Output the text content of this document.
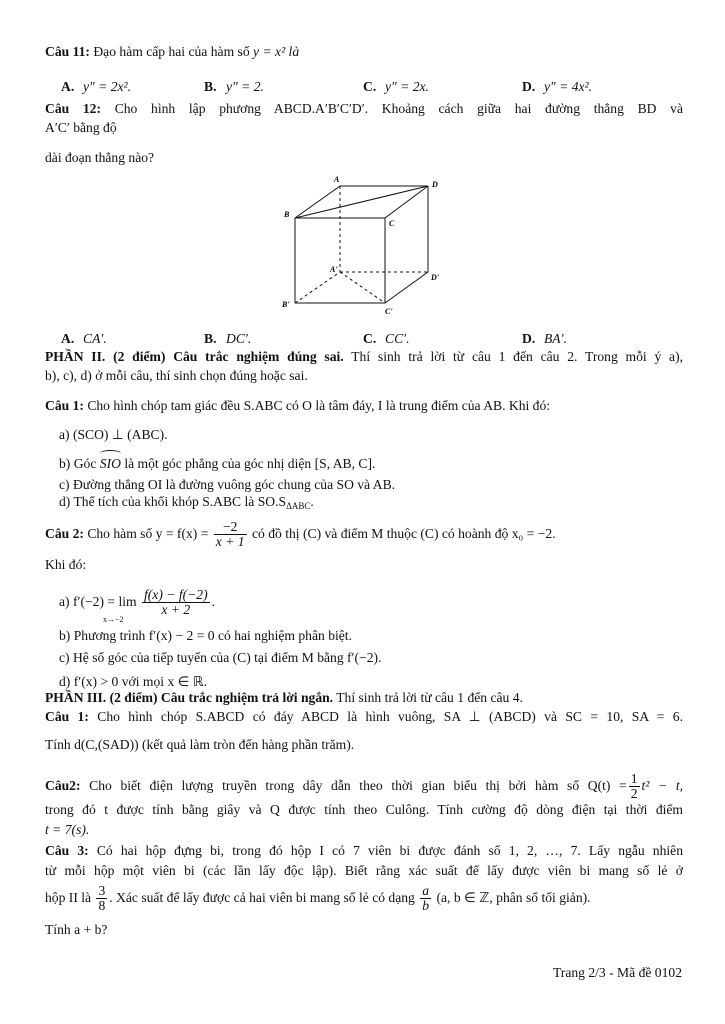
Câu 11: Đạo hàm cấp hai của hàm số y = x² là
A. y" = 2x².	B. y" = 2.	C. y" = 2x.	D. y" = 4x².
Câu 12: Cho hình lập phương ABCD.A′B′C′D′. Khoảng cách giữa hai đường thẳng BD và
A′C′ bằng độ
dài đoạn thẳng nào?
A
D
B
C
A'
D'
B'
C'
A. CA′.	B. DC′.	C. CC′.	D. BA′.
PHẦN II. (2 điểm) Câu trắc nghiệm đúng sai. Thí sinh trả lời từ câu 1 đến câu 2. Trong mỗi ý a),
b), c), d) ở mỗi câu, thí sinh chọn đúng hoặc sai.
Câu 1: Cho hình chóp tam giác đều S.ABC có O là tâm đáy, I là trung điểm của AB. Khi đó:
a) (SCO) ⊥ (ABC).
b) Góc SIO là một góc phẳng của góc nhị diện [S, AB, C].
c) Đường thẳng OI là đường vuông góc chung của SO và AB.
d) Thể tích của khối khóp S.ABC là $SO.S_{\Delta ABC}$.
Câu 2: Cho hàm số $y = f(x) = \frac{-2}{x + 1}$ có đồ thị (C) và điểm M thuộc (C) có hoành độ x₀ = −2.
Khi đó:
a) $f'(-2) = \lim \frac{f(x) - f(-2)}{x + 2}$ .
x→−2
b) Phương trình f′(x) − 2 = 0 có hai nghiệm phân biệt.
c) Hệ số góc của tiếp tuyến của (C) tại điểm M bằng f′(−2).
d) f′(x) > 0 với mọi x ∈ ℝ.
PHẦN III. (2 điểm) Câu trắc nghiệm trả lời ngắn. Thí sinh trả lời từ câu 1 đến câu 4.
Câu 1: Cho hình chóp S.ABCD có đáy ABCD là hình vuông, SA ⊥ (ABCD) và SC = 10, SA = 6.
Tính d(C,(SAD)) (kết quả làm tròn đến hàng phần trăm).
Câu2: Cho biết điện lượng truyền trong dây dẫn theo thời gian biểu thị bởi hàm số $Q(t) = \frac{1}{2} t^2 - t$,
trong đó t được tính bằng giây và Q được tính theo Culông. Tính cường độ dòng điện tại thời điểm
t = 7(s).
Câu 3: Có hai hộp đựng bi, trong đó hộp I có 7 viên bi được đánh số 1, 2, …, 7. Lấy ngẫu nhiên
từ mỗi hộp một viên bi (các lần lấy độc lập). Biết rằng xác suất để lấy được viên bi mang số lẻ ở
hộp II là $\frac{3}{8}$ . Xác suất để lấy được cả hai viên bi mang số lẻ có dạng $\frac{a}{b} (a$, b ∈ ℤ, phân số tối giản).
Tính a + b?
Trang 2/3 - Mã đề 0102
